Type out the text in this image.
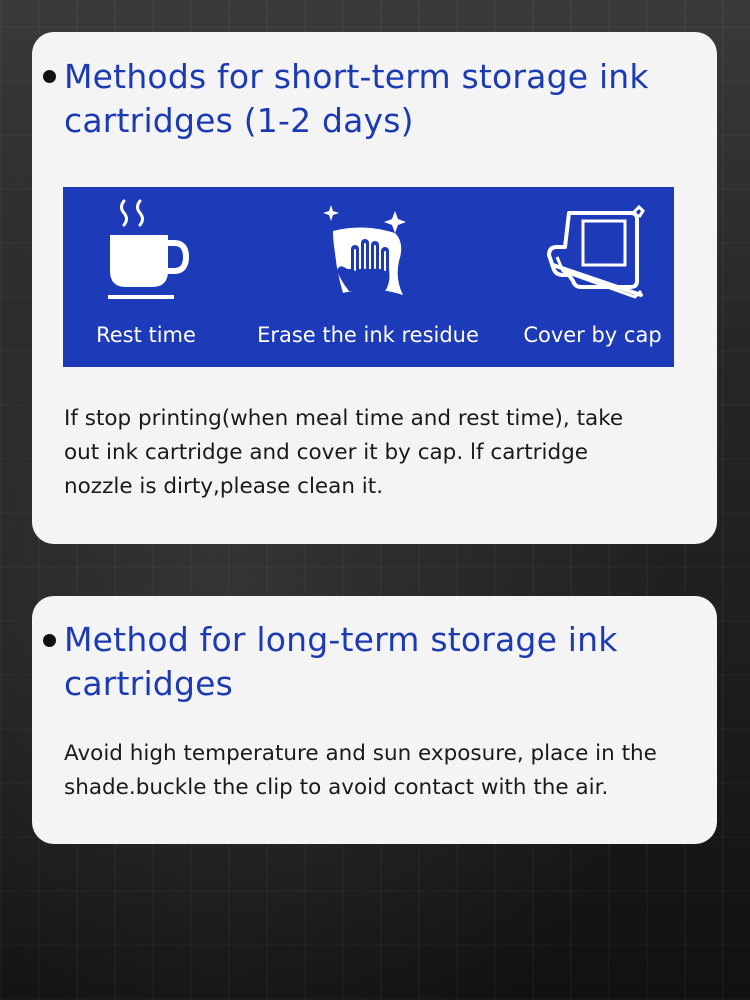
Methods for short-term storage ink cartridges (1-2 days)
Rest time	Erase the ink residue	Cover by cap

If stop printing(when meal time and rest time), take
out ink cartridge and cover it by cap. lf cartridge
nozzle is dirty,please clean it.

Method for long-term storage ink cartridges

Avoid high temperature and sun exposure, place in the
shade.buckle the clip to avoid contact with the air.
